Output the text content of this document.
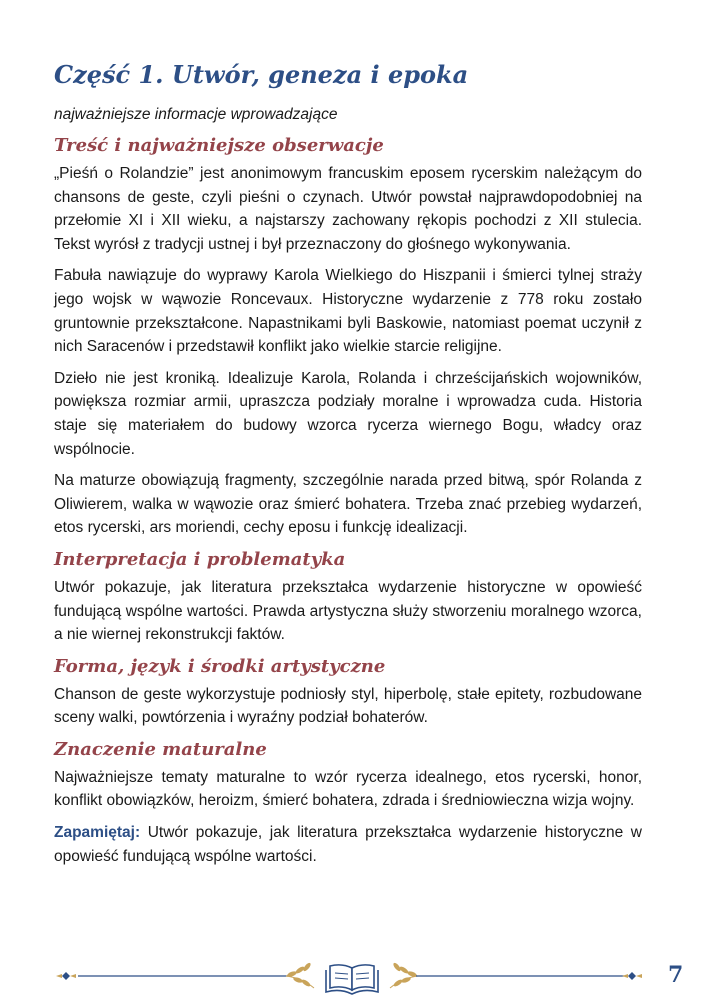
Część 1. Utwór, geneza i epoka
najważniejsze informacje wprowadzające
Treść i najważniejsze obserwacje

„Pieśń o Rolandzie” jest anonimowym francuskim eposem rycerskim należącym do chansons de geste, czyli pieśni o czynach. Utwór powstał najprawdopodobniej na przełomie XI i XII wieku, a najstarszy zachowany rękopis pochodzi z XII stulecia. Tekst wyrósł z tradycji ustnej i był przeznaczony do głośnego wykonywania.

Fabuła nawiązuje do wyprawy Karola Wielkiego do Hiszpanii i śmierci tylnej straży jego wojsk w wąwozie Roncevaux. Historyczne wydarzenie z 778 roku zostało gruntownie przekształcone. Napastnikami byli Baskowie, natomiast poemat uczynił z nich Saracenów i przedstawił konflikt jako wielkie starcie religijne.

Dzieło nie jest kroniką. Idealizuje Karola, Rolanda i chrześcijańskich wojowników, powiększa rozmiar armii, upraszcza podziały moralne i wprowadza cuda. Historia staje się materiałem do budowy wzorca rycerza wiernego Bogu, władcy oraz wspólnocie.

Na maturze obowiązują fragmenty, szczególnie narada przed bitwą, spór Rolanda z Oliwierem, walka w wąwozie oraz śmierć bohatera. Trzeba znać przebieg wydarzeń, etos rycerski, ars moriendi, cechy eposu i funkcję idealizacji.

Interpretacja i problematyka

Utwór pokazuje, jak literatura przekształca wydarzenie historyczne w opowieść fundującą wspólne wartości. Prawda artystyczna służy stworzeniu moralnego wzorca, a nie wiernej rekonstrukcji faktów.

Forma, język i środki artystyczne

Chanson de geste wykorzystuje podniosły styl, hiperbolę, stałe epitety, rozbudowane sceny walki, powtórzenia i wyraźny podział bohaterów.

Znaczenie maturalne

Najważniejsze tematy maturalne to wzór rycerza idealnego, etos rycerski, honor, konflikt obowiązków, heroizm, śmierć bohatera, zdrada i średniowieczna wizja wojny.

Zapamiętaj: Utwór pokazuje, jak literatura przekształca wydarzenie historyczne w opowieść fundującą wspólne wartości.

7
